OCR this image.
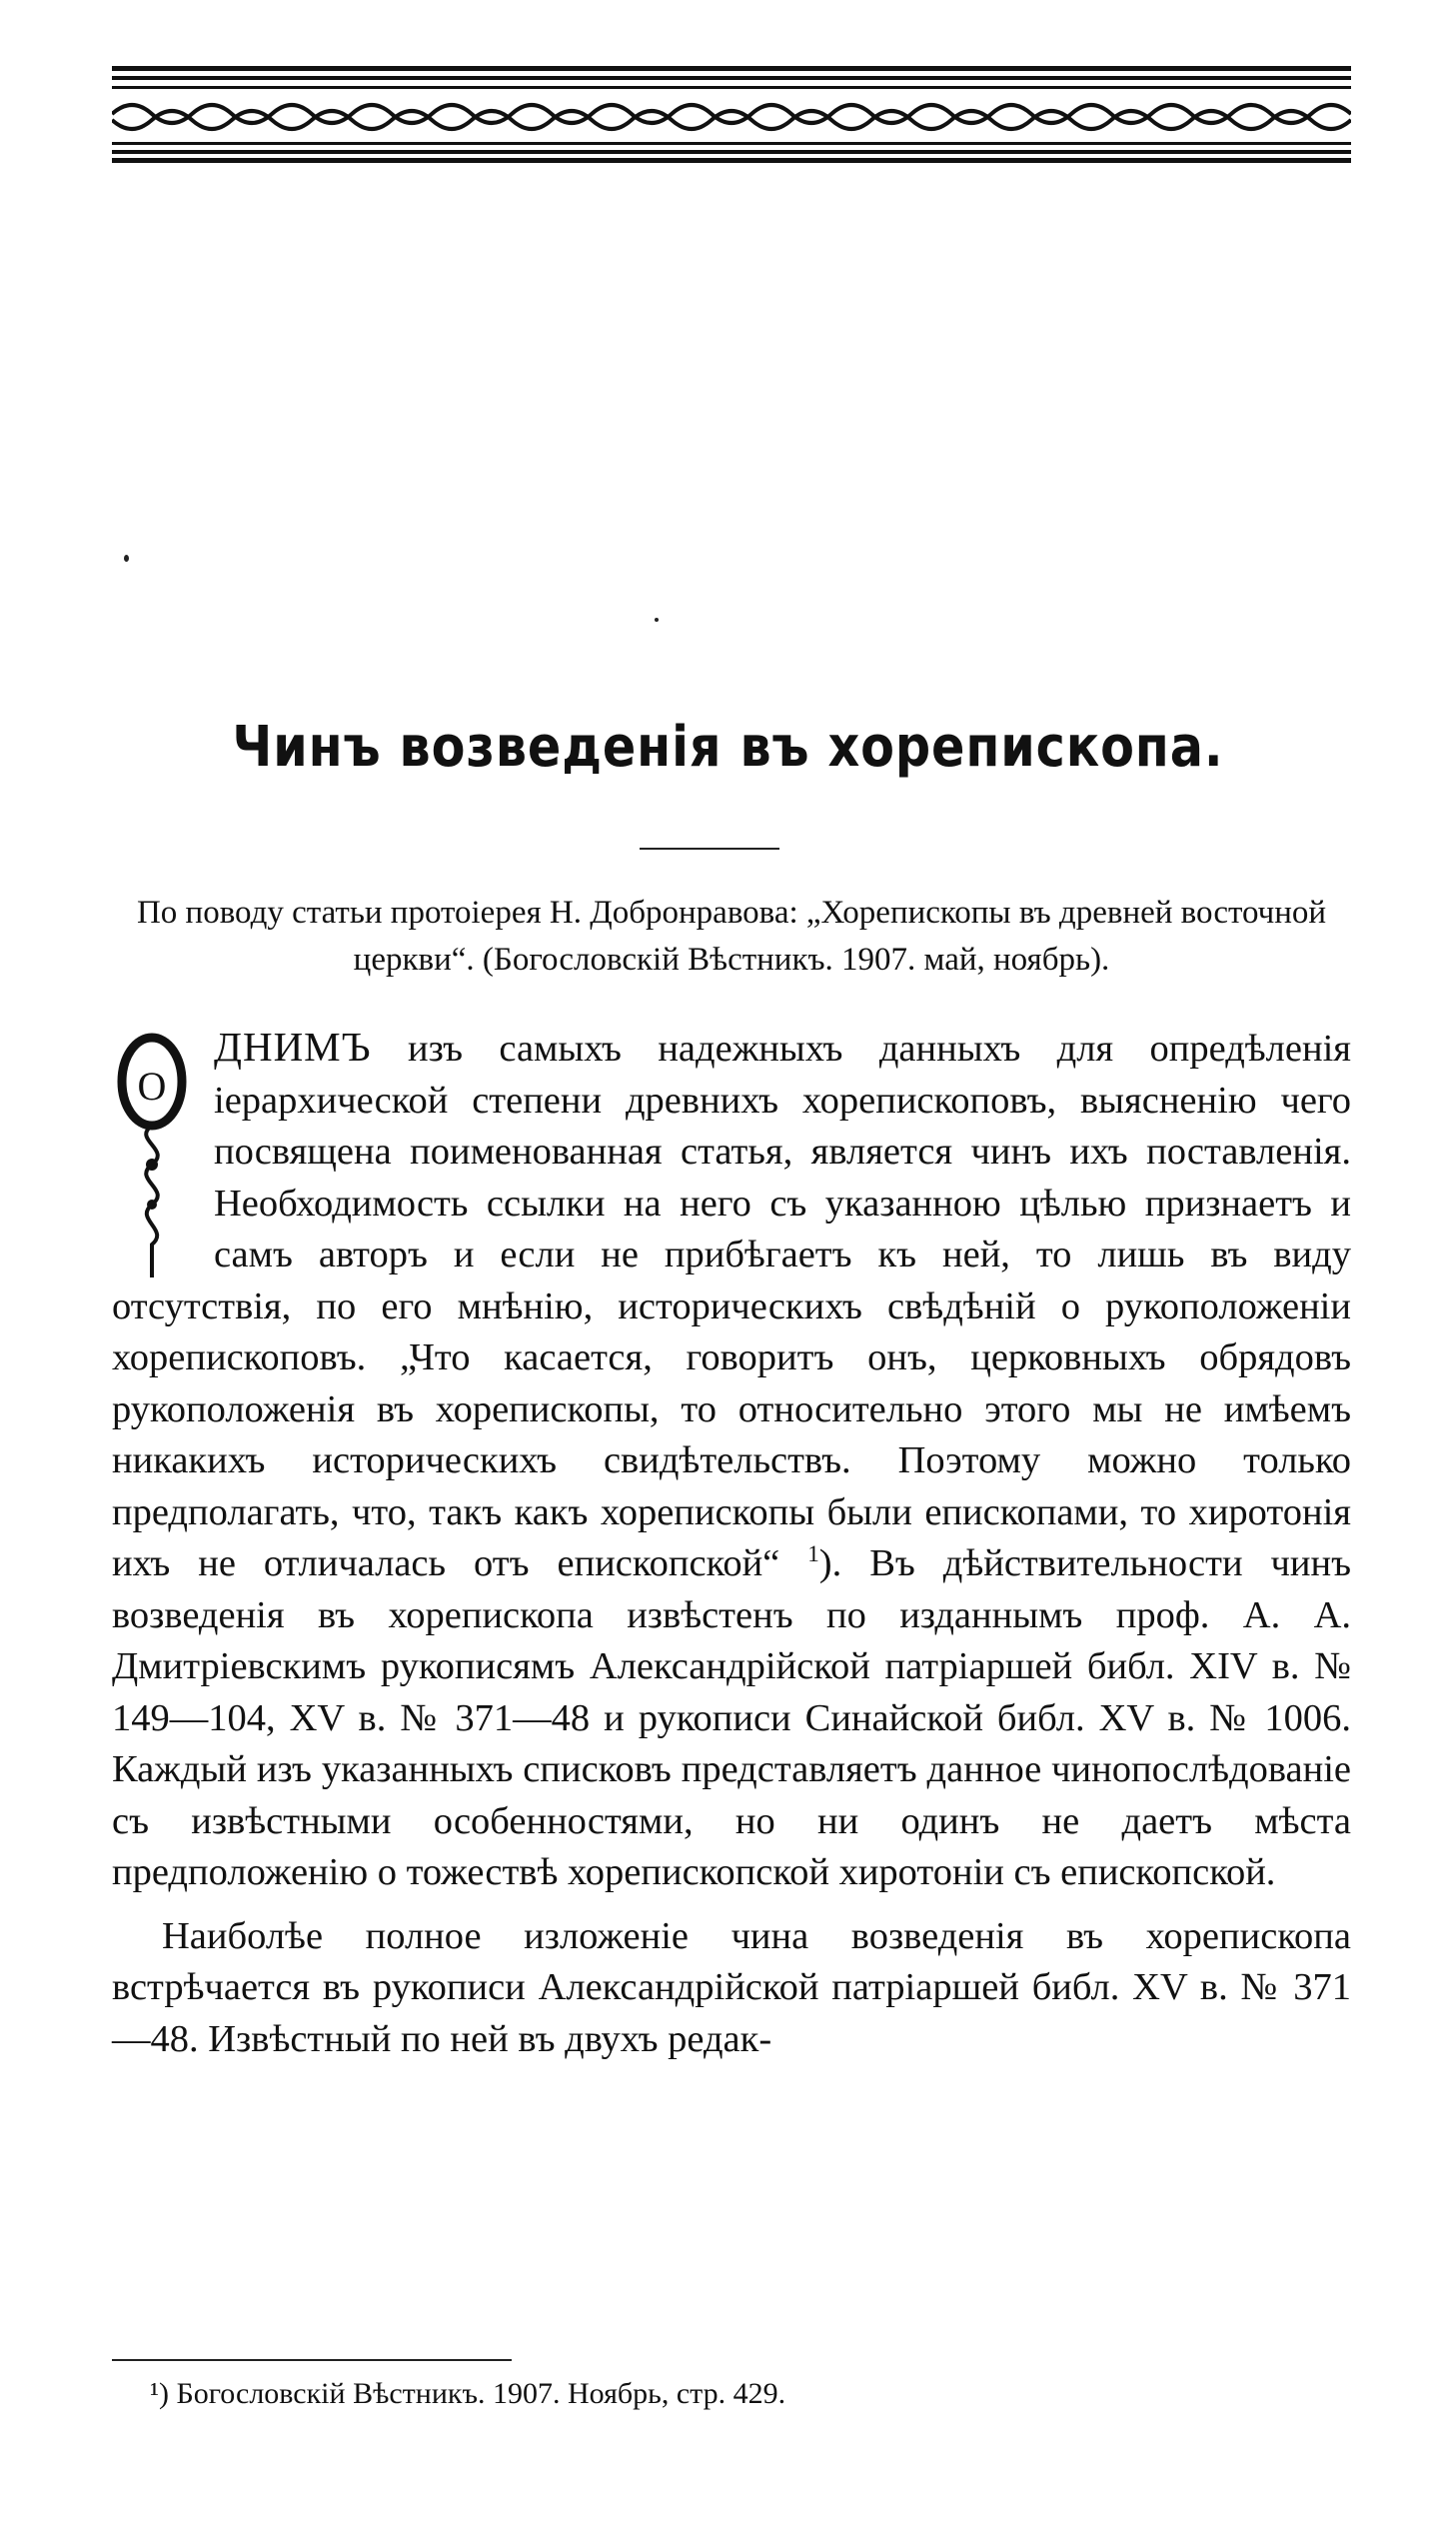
Чинъ возведенія въ хорепископа.
По поводу статьи протоіерея Н. Добронравова: „Хорепископы въ древней восточной церкви“. (Богословскій Вѣстникъ. 1907. май, ноябрь).

О
ДНИМЪ изъ самыхъ надежныхъ данныхъ для опредѣленія іерархической степени древнихъ хорепископовъ, выясненію чего посвящена поименованная статья, является чинъ ихъ поставленія. Необходимость ссылки на него съ указанною цѣлью признаетъ и самъ авторъ и если не прибѣгаетъ къ ней, то лишь въ виду отсутствія, по его мнѣнію, историческихъ свѣдѣній о рукоположеніи хорепископовъ. „Что касается, говоритъ онъ, церковныхъ обрядовъ рукоположенія въ хорепископы, то относительно этого мы не имѣемъ никакихъ историческихъ свидѣтельствъ. Поэтому можно только предполагать, что, такъ какъ хорепископы были епископами, то хиротонія ихъ не отличалась отъ епископской“ $^1$). Въ дѣйствительности чинъ возведенія въ хорепископа извѣстенъ по изданнымъ проф. А. А. Дмитріевскимъ рукописямъ Александрійской патріаршей библ. XIV в. № 149—104, XV в. № 371—48 и рукописи Синайской библ. XV в. № 1006. Каждый изъ указанныхъ списковъ представляетъ данное чинопослѣдованіе съ извѣстными особенностями, но ни одинъ не даетъ мѣста предположенію о тожествѣ хорепископской хиротоніи съ епископской.

Наиболѣе полное изложеніе чина возведенія въ хорепископа встрѣчается въ рукописи Александрійской патріаршей библ. XV в. № 371—48. Извѣстный по ней въ двухъ редак-

¹) Богословскій Вѣстникъ. 1907. Ноябрь, стр. 429.
